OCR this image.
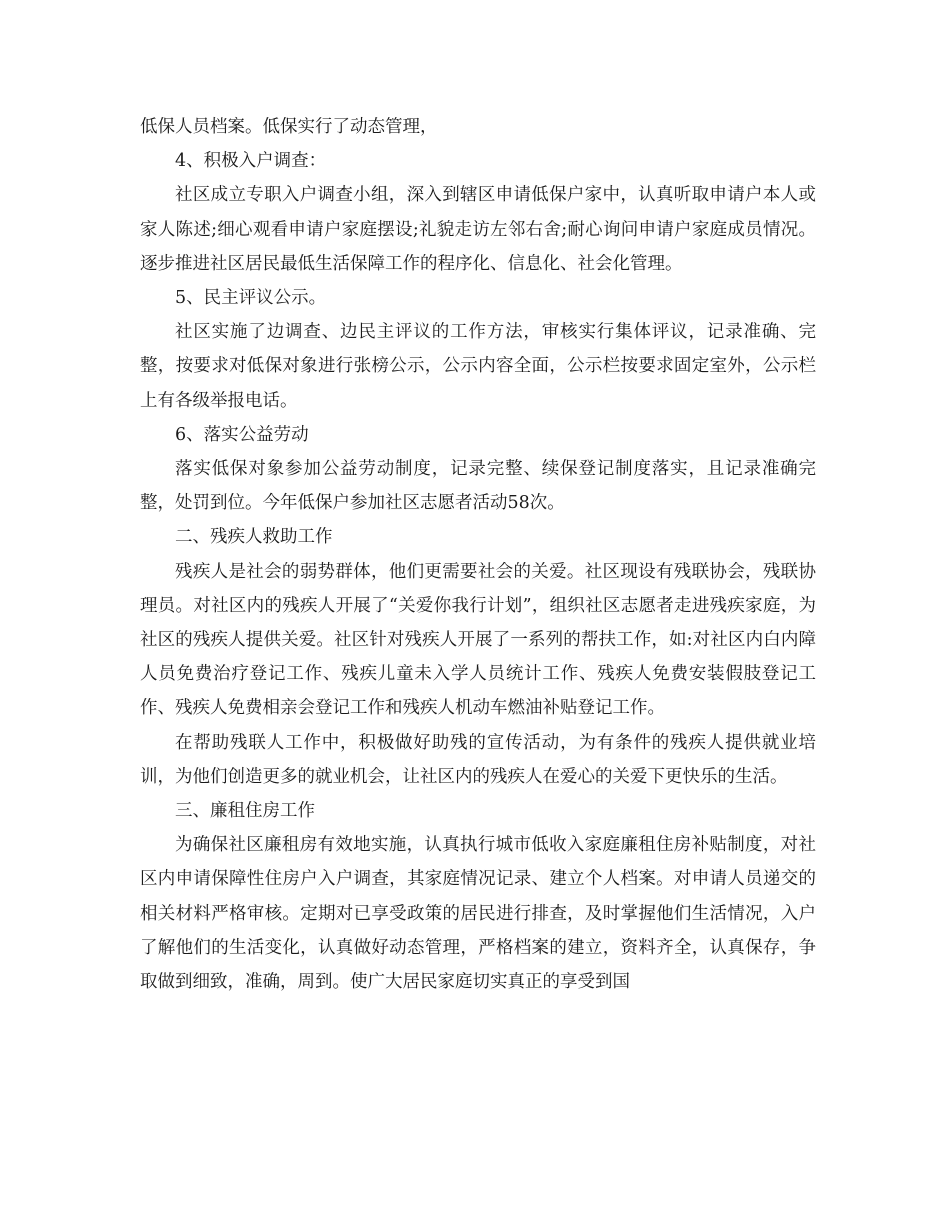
低保人员档案。低保实行了动态管理，

4、积极入户调查：

社区成立专职入户调查小组，深入到辖区申请低保户家中，认真听取申请户本人或家人陈述;细心观看申请户家庭摆设;礼貌走访左邻右舍;耐心询问申请户家庭成员情况。逐步推进社区居民最低生活保障工作的程序化、信息化、社会化管理。

5、民主评议公示。

社区实施了边调查、边民主评议的工作方法，审核实行集体评议，记录准确、完整，按要求对低保对象进行张榜公示，公示内容全面，公示栏按要求固定室外，公示栏上有各级举报电话。

6、落实公益劳动

落实低保对象参加公益劳动制度，记录完整、续保登记制度落实，且记录准确完整，处罚到位。今年低保户参加社区志愿者活动58次。

二、残疾人救助工作

残疾人是社会的弱势群体，他们更需要社会的关爱。社区现设有残联协会，残联协理员。对社区内的残疾人开展了“关爱你我行计划”，组织社区志愿者走进残疾家庭，为社区的残疾人提供关爱。社区针对残疾人开展了一系列的帮扶工作，如:对社区内白内障人员免费治疗登记工作、残疾儿童未入学人员统计工作、残疾人免费安装假肢登记工作、残疾人免费相亲会登记工作和残疾人机动车燃油补贴登记工作。

在帮助残联人工作中，积极做好助残的宣传活动，为有条件的残疾人提供就业培训，为他们创造更多的就业机会，让社区内的残疾人在爱心的关爱下更快乐的生活。

三、廉租住房工作

为确保社区廉租房有效地实施，认真执行城市低收入家庭廉租住房补贴制度，对社区内申请保障性住房户入户调查，其家庭情况记录、建立个人档案。对申请人员递交的相关材料严格审核。定期对已享受政策的居民进行排查，及时掌握他们生活情况，入户了解他们的生活变化，认真做好动态管理，严格档案的建立，资料齐全，认真保存，争取做到细致，准确，周到。使广大居民家庭切实真正的享受到国
